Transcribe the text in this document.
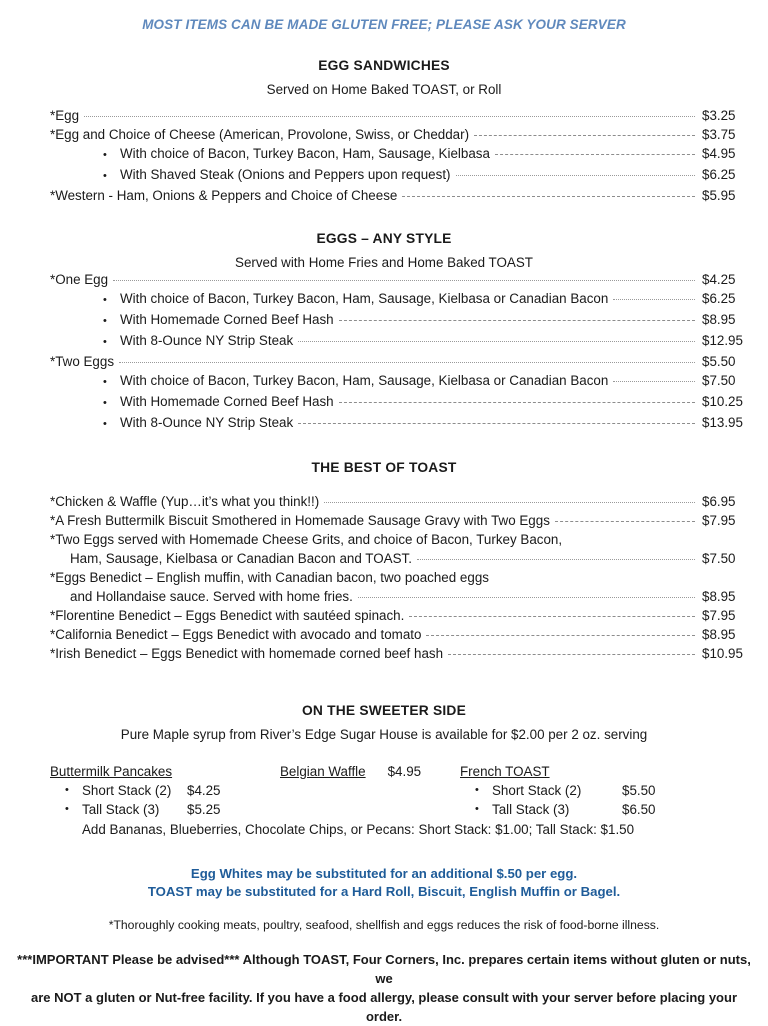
MOST ITEMS CAN BE MADE GLUTEN FREE; PLEASE ASK YOUR SERVER
EGG SANDWICHES
Served on Home Baked TOAST, or Roll
*Egg	$3.25
*Egg and Choice of Cheese (American, Provolone, Swiss, or Cheddar)	$3.75
• With choice of Bacon, Turkey Bacon, Ham, Sausage, Kielbasa	$4.95
• With Shaved Steak (Onions and Peppers upon request)	$6.25
*Western - Ham, Onions & Peppers and Choice of Cheese	$5.95
EGGS – ANY STYLE
Served with Home Fries and Home Baked TOAST
*One Egg	$4.25
• With choice of Bacon, Turkey Bacon, Ham, Sausage, Kielbasa or Canadian Bacon	$6.25
• With Homemade Corned Beef Hash	$8.95
• With 8-Ounce NY Strip Steak	$12.95
*Two Eggs	$5.50
• With choice of Bacon, Turkey Bacon, Ham, Sausage, Kielbasa or Canadian Bacon	$7.50
• With Homemade Corned Beef Hash	$10.25
• With 8-Ounce NY Strip Steak	$13.95
THE BEST OF TOAST
*Chicken & Waffle (Yup…it’s what you think!!)	$6.95
*A Fresh Buttermilk Biscuit Smothered in Homemade Sausage Gravy with Two Eggs	$7.95
*Two Eggs served with Homemade Cheese Grits, and choice of Bacon, Turkey Bacon,
Ham, Sausage, Kielbasa or Canadian Bacon and TOAST.	$7.50
*Eggs Benedict – English muffin, with Canadian bacon, two poached eggs
and Hollandaise sauce. Served with home fries.	$8.95
*Florentine Benedict – Eggs Benedict with sautéed spinach.	$7.95
*California Benedict – Eggs Benedict with avocado and tomato	$8.95
*Irish Benedict – Eggs Benedict with homemade corned beef hash	$10.95
ON THE SWEETER SIDE
Pure Maple syrup from River’s Edge Sugar House is available for $2.00 per 2 oz. serving
Buttermilk Pancakes
• Short Stack (2)	$4.25
• Tall Stack (3)	$5.25
Belgian Waffle $4.95	French TOAST
• Short Stack (2)	$5.50
• Tall Stack (3)	$6.50
Add Bananas, Blueberries, Chocolate Chips, or Pecans: Short Stack: $1.00; Tall Stack: $1.50
Egg Whites may be substituted for an additional $.50 per egg.
TOAST may be substituted for a Hard Roll, Biscuit, English Muffin or Bagel.
*Thoroughly cooking meats, poultry, seafood, shellfish and eggs reduces the risk of food-borne illness.
***IMPORTANT Please be advised*** Although TOAST, Four Corners, Inc. prepares certain items without gluten or nuts, we
are NOT a gluten or Nut-free facility. If you have a food allergy, please consult with your server before placing your order.
